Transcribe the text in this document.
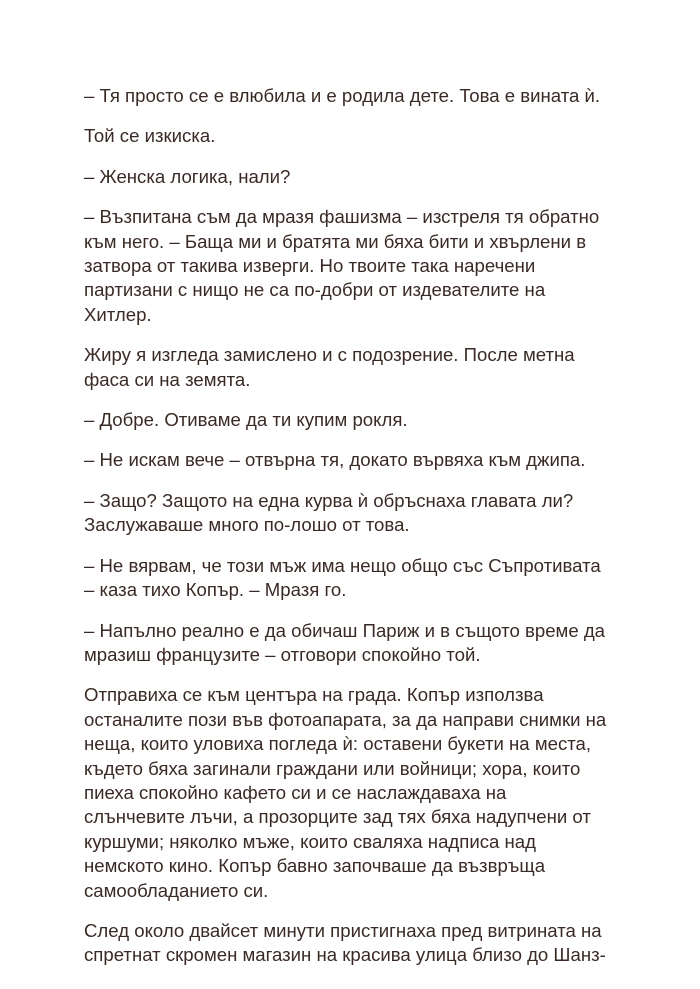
– Тя просто се е влюбила и е родила дете. Това е вината ѝ.

Той се изкиска.

– Женска логика, нали?

– Възпитана съм да мразя фашизма – изстреля тя обратно
към него. – Баща ми и братята ми бяха бити и хвърлени в
затвора от такива изверги. Но твоите така наречени
партизани с нищо не са по-добри от издевателите на
Хитлер.

Жиру я изгледа замислено и с подозрение. После метна
фаса си на земята.

– Добре. Отиваме да ти купим рокля.

– Не искам вече – отвърна тя, докато вървяха към джипа.

– Защо? Защото на една курва ѝ обръснаха главата ли?
Заслужаваше много по-лошо от това.

– Не вярвам, че този мъж има нещо общо със Съпротивата
– каза тихо Копър. – Мразя го.

– Напълно реално е да обичаш Париж и в същото време да
мразиш французите – отговори спокойно той.

Отправиха се към центъра на града. Копър използва
останалите пози във фотоапарата, за да направи снимки на
неща, които уловиха погледа ѝ: оставени букети на места,
където бяха загинали граждани или войници; хора, които
пиеха спокойно кафето си и се наслаждаваха на
слънчевите лъчи, а прозорците зад тях бяха надупчени от
куршуми; няколко мъже, които сваляха надписа над
немското кино. Копър бавно започваше да възвръща
самообладанието си.

След около двайсет минути пристигнаха пред витрината на
спретнат скромен магазин на красива улица близо до Шанз-
